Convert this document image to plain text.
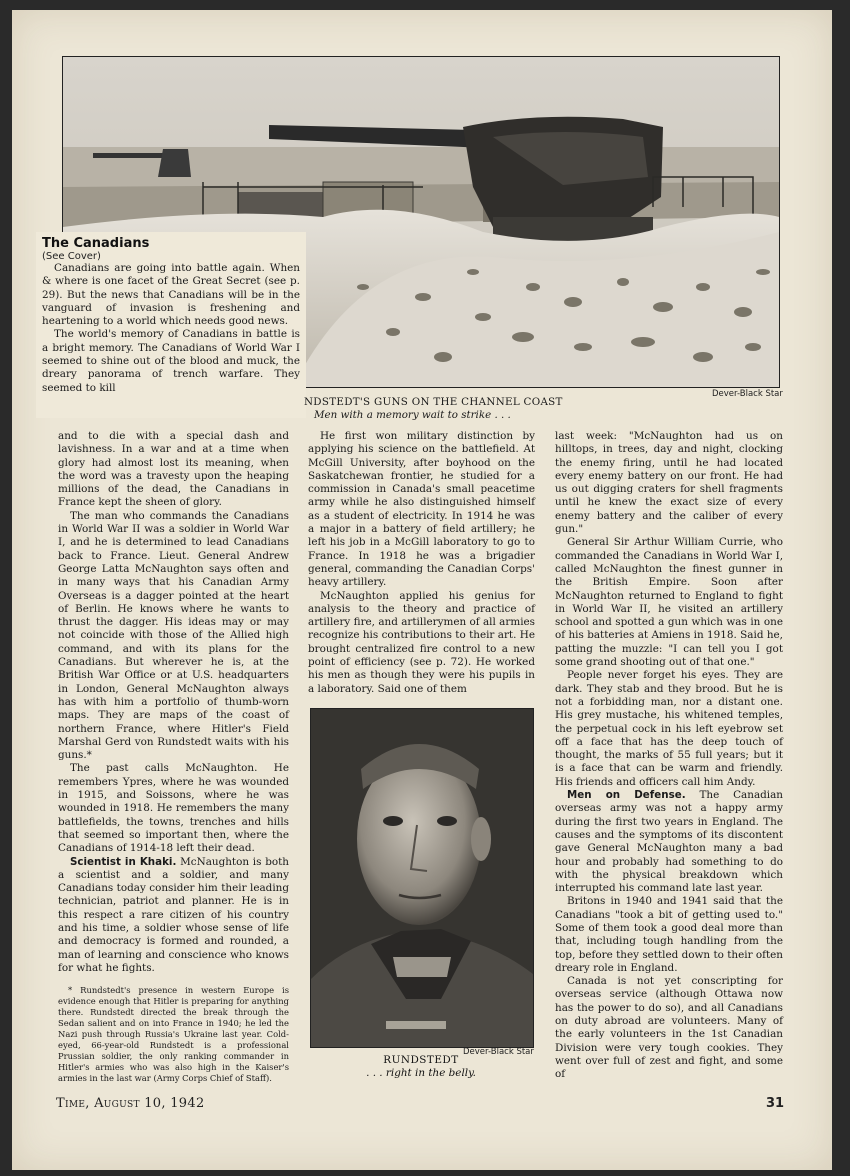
Dever-Black Star
The Canadians
(See Cover)

Canadians are going into battle again. When & where is one facet of the Great Secret (see p. 29). But the news that Canadians will be in the vanguard of invasion is freshening and heartening to a world which needs good news.

The world's memory of Canadians in battle is a bright memory. The Canadians of World War I seemed to shine out of the blood and muck, the dreary panorama of trench warfare. They seemed to kill

NDSTEDT'S GUNS ON THE CHANNEL COAST
Men with a memory wait to strike . . .

and to die with a special dash and lavishness. In a war and at a time when glory had almost lost its meaning, when the word was a travesty upon the heaping millions of the dead, the Canadians in France kept the sheen of glory.

The man who commands the Canadians in World War II was a soldier in World War I, and he is determined to lead Canadians back to France. Lieut. General Andrew George Latta McNaughton says often and in many ways that his Canadian Army Overseas is a dagger pointed at the heart of Berlin. He knows where he wants to thrust the dagger. His ideas may or may not coincide with those of the Allied high command, and with its plans for the Canadians. But wherever he is, at the British War Office or at U.S. headquarters in London, General McNaughton always has with him a portfolio of thumb-worn maps. They are maps of the coast of northern France, where Hitler's Field Marshal Gerd von Rundstedt waits with his guns.*

The past calls McNaughton. He remembers Ypres, where he was wounded in 1915, and Soissons, where he was wounded in 1918. He remembers the many battlefields, the towns, trenches and hills that seemed so important then, where the Canadians of 1914-18 left their dead.

Scientist in Khaki. McNaughton is both a scientist and a soldier, and many Canadians today consider him their leading technician, patriot and planner. He is in this respect a rare citizen of his country and his time, a soldier whose sense of life and democracy is formed and rounded, a man of learning and conscience who knows for what he fights.

* Rundstedt's presence in western Europe is evidence enough that Hitler is preparing for anything there. Rundstedt directed the break through the Sedan salient and on into France in 1940; he led the Nazi push through Russia's Ukraine last year. Cold-eyed, 66-year-old Rundstedt is a professional Prussian soldier, the only ranking commander in Hitler's armies who was also high in the Kaiser's armies in the last war (Army Corps Chief of Staff).

He first won military distinction by applying his science on the battlefield. At McGill University, after boyhood on the Saskatchewan frontier, he studied for a commission in Canada's small peacetime army while he also distinguished himself as a student of electricity. In 1914 he was a major in a battery of field artillery; he left his job in a McGill laboratory to go to France. In 1918 he was a brigadier general, commanding the Canadian Corps' heavy artillery.

McNaughton applied his genius for analysis to the theory and practice of artillery fire, and artillerymen of all armies recognize his contributions to their art. He brought centralized fire control to a new point of efficiency (see p. 72). He worked his men as though they were his pupils in a laboratory. Said one of them

Dever-Black Star
RUNDSTEDT
. . . right in the belly.

last week: "McNaughton had us on hilltops, in trees, day and night, clocking the enemy firing, until he had located every enemy battery on our front. He had us out digging craters for shell fragments until he knew the exact size of every enemy battery and the caliber of every gun."

General Sir Arthur William Currie, who commanded the Canadians in World War I, called McNaughton the finest gunner in the British Empire. Soon after McNaughton returned to England to fight in World War II, he visited an artillery school and spotted a gun which was in one of his batteries at Amiens in 1918. Said he, patting the muzzle: "I can tell you I got some grand shooting out of that one."

People never forget his eyes. They are dark. They stab and they brood. But he is not a forbidding man, nor a distant one. His grey mustache, his whitened temples, the perpetual cock in his left eyebrow set off a face that has the deep touch of thought, the marks of 55 full years; but it is a face that can be warm and friendly. His friends and officers call him Andy.

Men on Defense. The Canadian overseas army was not a happy army during the first two years in England. The causes and the symptoms of its discontent gave General McNaughton many a bad hour and probably had something to do with the physical breakdown which interrupted his command late last year.

Britons in 1940 and 1941 said that the Canadians "took a bit of getting used to." Some of them took a good deal more than that, including tough handling from the top, before they settled down to their often dreary role in England.

Canada is not yet conscripting for overseas service (although Ottawa now has the power to do so), and all Canadians on duty abroad are volunteers. Many of the early volunteers in the 1st Canadian Division were very tough cookies. They went over full of zest and fight, and some of

Time, August 10, 1942	31
